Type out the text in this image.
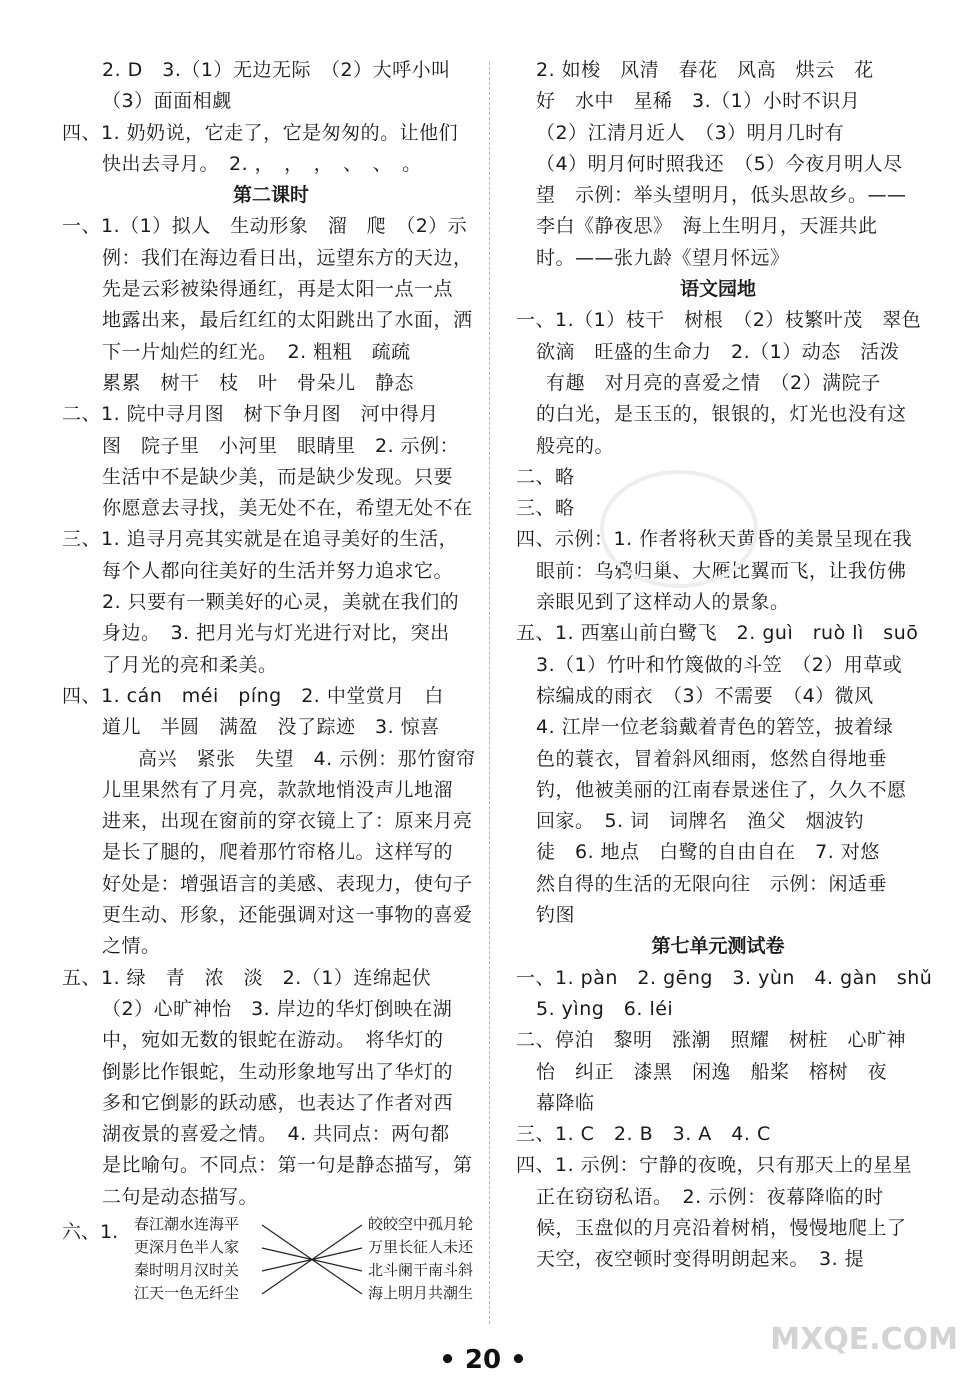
2. D　3.（1）无边无际　（2）大呼小叫
（3）面面相觑
四、1. 奶奶说，它走了，它是匆匆的。让他们
快出去寻月。　2. ，　，　，　、　、　。
第二课时
一、1.（1）拟人　生动形象　溜　爬　（2）示
例：我们在海边看日出，远望东方的天边，
先是云彩被染得通红，再是太阳一点一点
地露出来，最后红红的太阳跳出了水面，洒
下一片灿烂的红光。　2. 粗粗　疏疏
累累　树干　枝　叶　骨朵儿　静态
二、1. 院中寻月图　树下争月图　河中得月
图　院子里　小河里　眼睛里　2. 示例：
生活中不是缺少美，而是缺少发现。只要
你愿意去寻找，美无处不在，希望无处不在
三、1. 追寻月亮其实就是在追寻美好的生活，
每个人都向往美好的生活并努力追求它。
2. 只要有一颗美好的心灵，美就在我们的
身边。　3. 把月光与灯光进行对比，突出
了月光的亮和柔美。
四、1. cán　méi　píng　2. 中堂赏月　白
道儿　半圆　满盈　没了踪迹　3. 惊喜
高兴　紧张　失望　4. 示例：那竹窗帘
儿里果然有了月亮，款款地悄没声儿地溜
进来，出现在窗前的穿衣镜上了：原来月亮
是长了腿的，爬着那竹帘格儿。这样写的
好处是：增强语言的美感、表现力，使句子
更生动、形象，还能强调对这一事物的喜爱
之情。
五、1. 绿　青　浓　淡　2.（1）连绵起伏
（2）心旷神怡　3. 岸边的华灯倒映在湖
中，宛如无数的银蛇在游动。　将华灯的
倒影比作银蛇，生动形象地写出了华灯的
多和它倒影的跃动感，也表达了作者对西
湖夜景的喜爱之情。　4. 共同点：两句都
是比喻句。不同点：第一句是静态描写，第
二句是动态描写。
六、1. 春江潮水连海平
更深月色半人家
秦时明月汉时关
江天一色无纤尘
皎皎空中孤月轮
万里长征人未还
北斗阑干南斗斜
海上明月共潮生
2. 如梭　风清　春花　风高　烘云　花
好　水中　星稀　3.（1）小时不识月
（2）江清月近人　（3）明月几时有
（4）明月何时照我还　（5）今夜月明人尽
望　示例：举头望明月，低头思故乡。——
李白《静夜思》　海上生明月，天涯共此
时。——张九龄《望月怀远》
语文园地
一、1.（1）枝干　树根　（2）枝繁叶茂　翠色
欲滴　旺盛的生命力　2.（1）动态　活泼
有趣　对月亮的喜爱之情　（2）满院子
的白光，是玉玉的，银银的，灯光也没有这
般亮的。
二、略
三、略
四、示例：1. 作者将秋天黄昏的美景呈现在我
眼前：乌鸦归巢、大雁比翼而飞，让我仿佛
亲眼见到了这样动人的景象。
五、1. 西塞山前白鹭飞　2. guì　ruò lì　suō
3.（1）竹叶和竹篾做的斗笠　（2）用草或
棕编成的雨衣　（3）不需要　（4）微风
4. 江岸一位老翁戴着青色的箬笠，披着绿
色的蓑衣，冒着斜风细雨，悠然自得地垂
钓，他被美丽的江南春景迷住了，久久不愿
回家。　5. 词　词牌名　渔父　烟波钓
徒　6. 地点　白鹭的自由自在　7. 对悠
然自得的生活的无限向往　示例：闲适垂
钓图
第七单元测试卷
一、1. pàn　2. gēng　3. yùn　4. gàn　shǔ
5. yìng　6. léi
二、停泊　黎明　涨潮　照耀　树桩　心旷神
怡　纠正　漆黑　闲逸　船桨　榕树　夜
幕降临
三、1. C　2. B　3. A　4. C
四、1. 示例：宁静的夜晚，只有那天上的星星
正在窃窃私语。　2. 示例：夜幕降临的时
候，玉盘似的月亮沿着树梢，慢慢地爬上了
天空，夜空顿时变得明朗起来。　3. 提
• 20 •
MXQE.COM
